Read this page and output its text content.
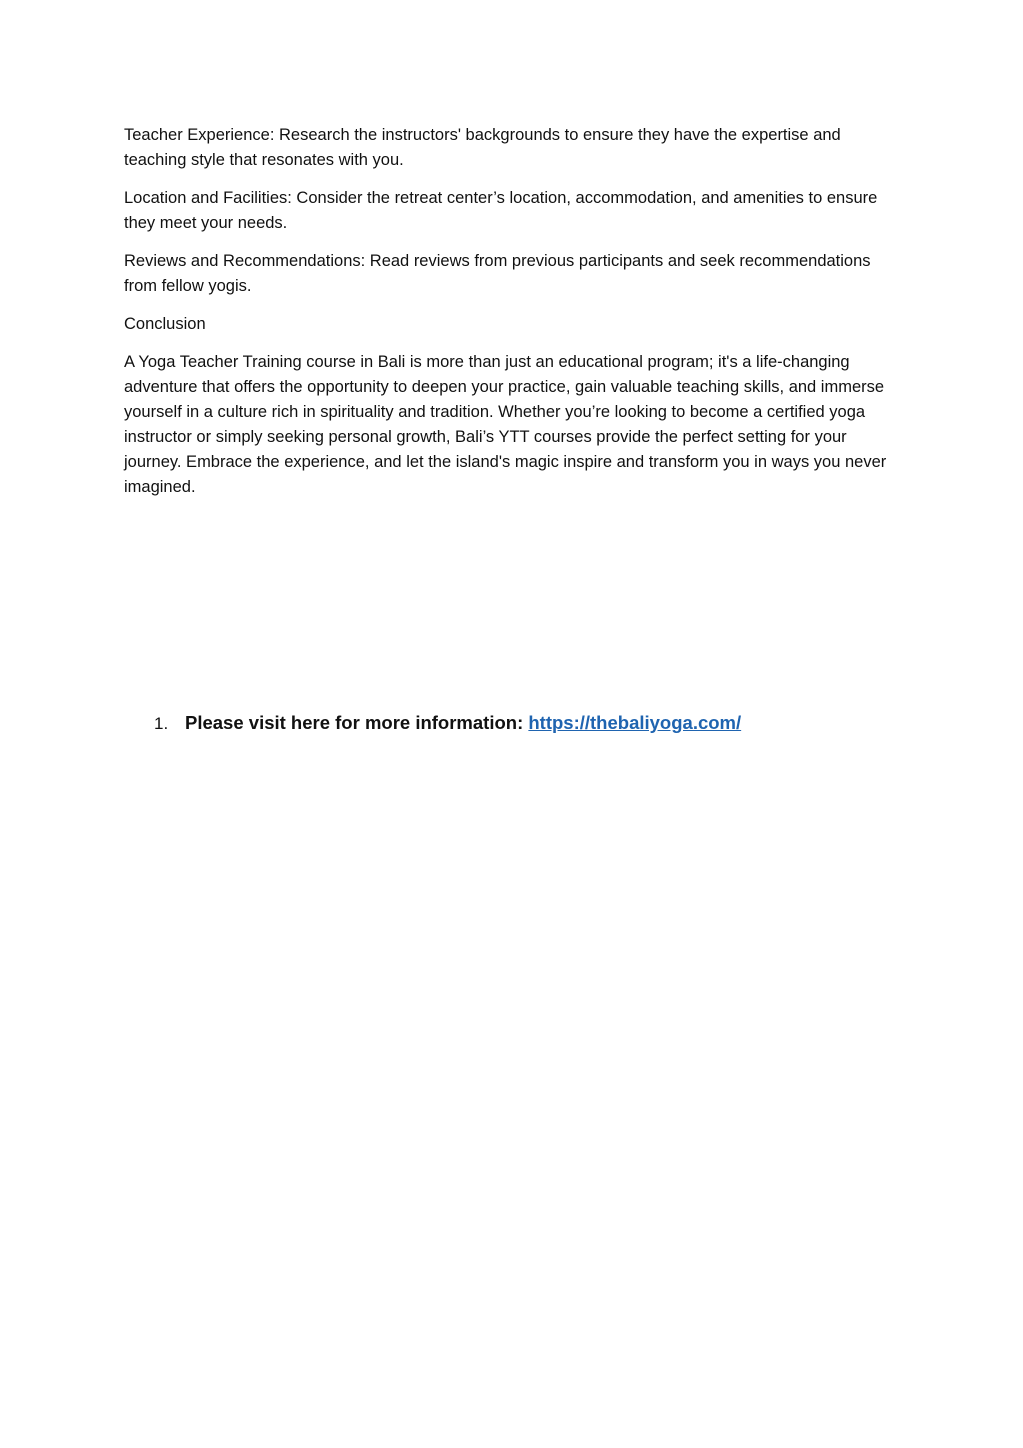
Teacher Experience: Research the instructors' backgrounds to ensure they have the expertise and teaching style that resonates with you.

Location and Facilities: Consider the retreat center’s location, accommodation, and amenities to ensure they meet your needs.

Reviews and Recommendations: Read reviews from previous participants and seek recommendations from fellow yogis.

Conclusion

A Yoga Teacher Training course in Bali is more than just an educational program; it's a life-changing adventure that offers the opportunity to deepen your practice, gain valuable teaching skills, and immerse yourself in a culture rich in spirituality and tradition. Whether you’re looking to become a certified yoga instructor or simply seeking personal growth, Bali’s YTT courses provide the perfect setting for your journey. Embrace the experience, and let the island's magic inspire and transform you in ways you never imagined.

1. Please visit here for more information: https://thebaliyoga.com/
